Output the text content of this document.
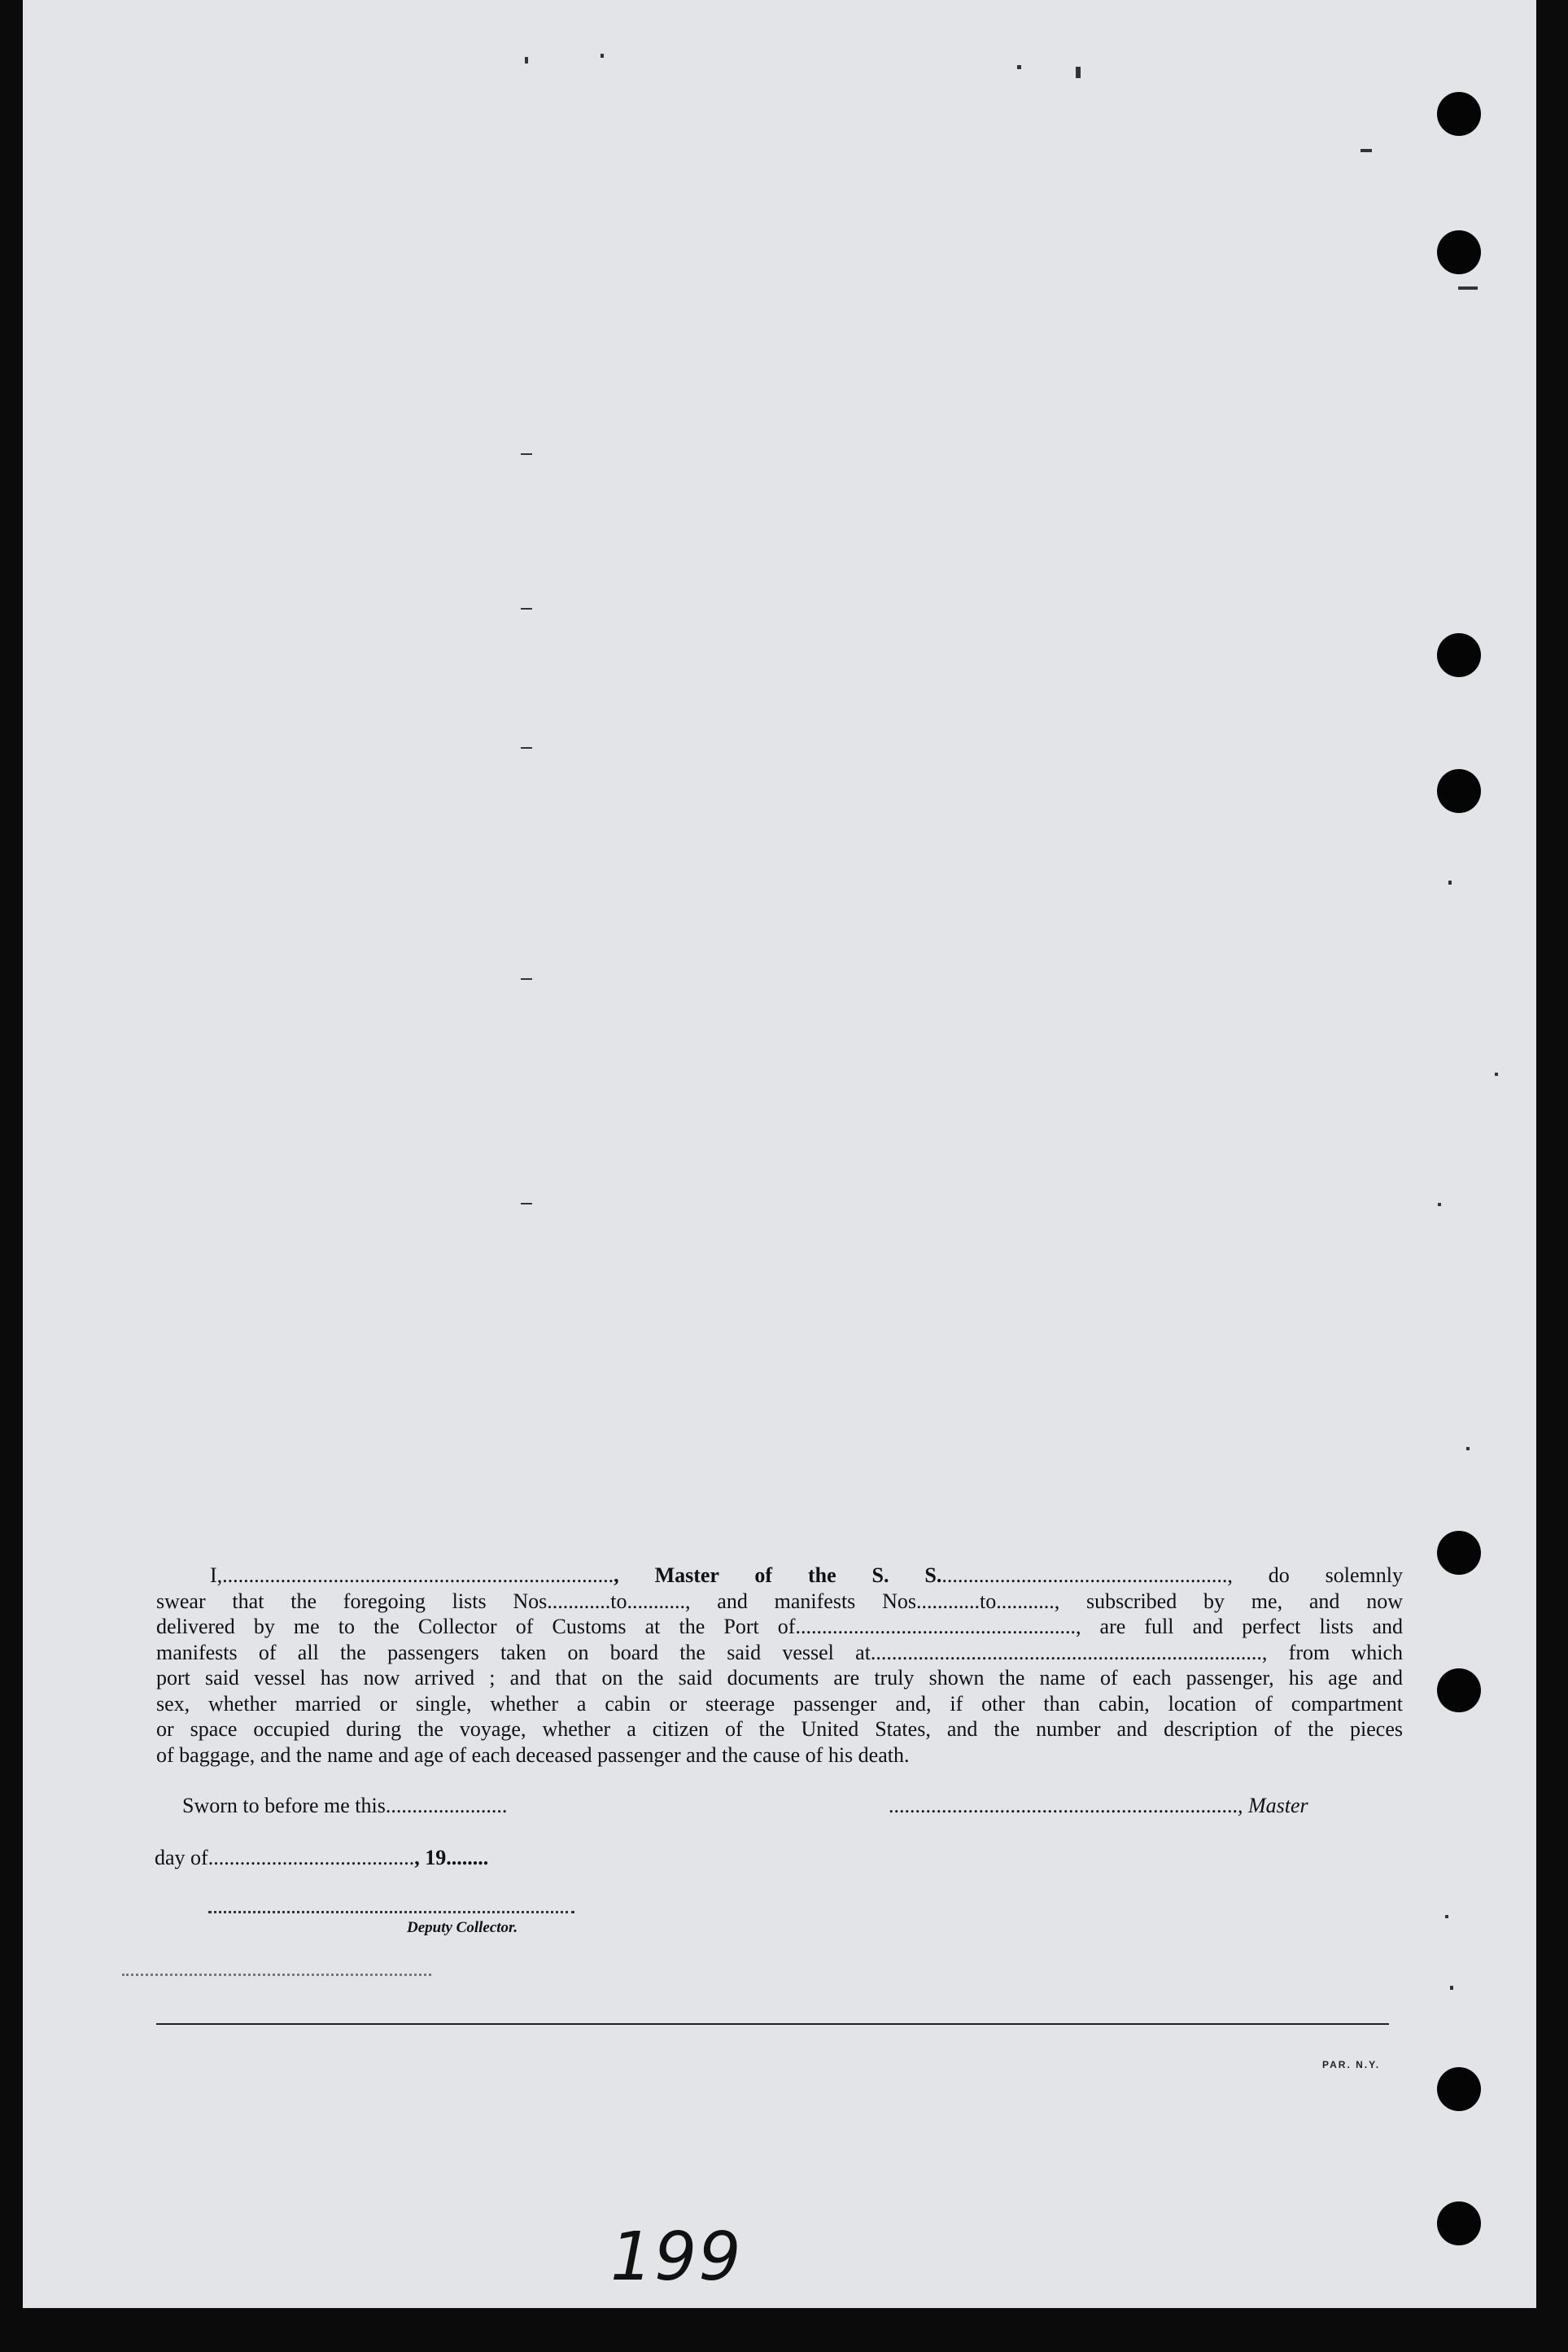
I,.........................................................................., Master of the S. S......................................................., do solemnly
swear that the foregoing lists Nos............to..........., and manifests Nos............to..........., subscribed by me, and now
delivered by me to the Collector of Customs at the Port of....................................................., are full and perfect lists and
manifests of all the passengers taken on board the said vessel at.........................................................................., from which
port said vessel has now arrived ; and that on the said documents are truly shown the name of each passenger, his age and
sex, whether married or single, whether a cabin or steerage passenger and, if other than cabin, location of compartment
or space occupied during the voyage, whether a citizen of the United States, and the number and description of the pieces
of baggage, and the name and age of each deceased passenger and the cause of his death.
Sworn to before me this.......................	.................................................................., Master
day of......................................., 19........
Deputy Collector.
PAR. N.Y.
199
